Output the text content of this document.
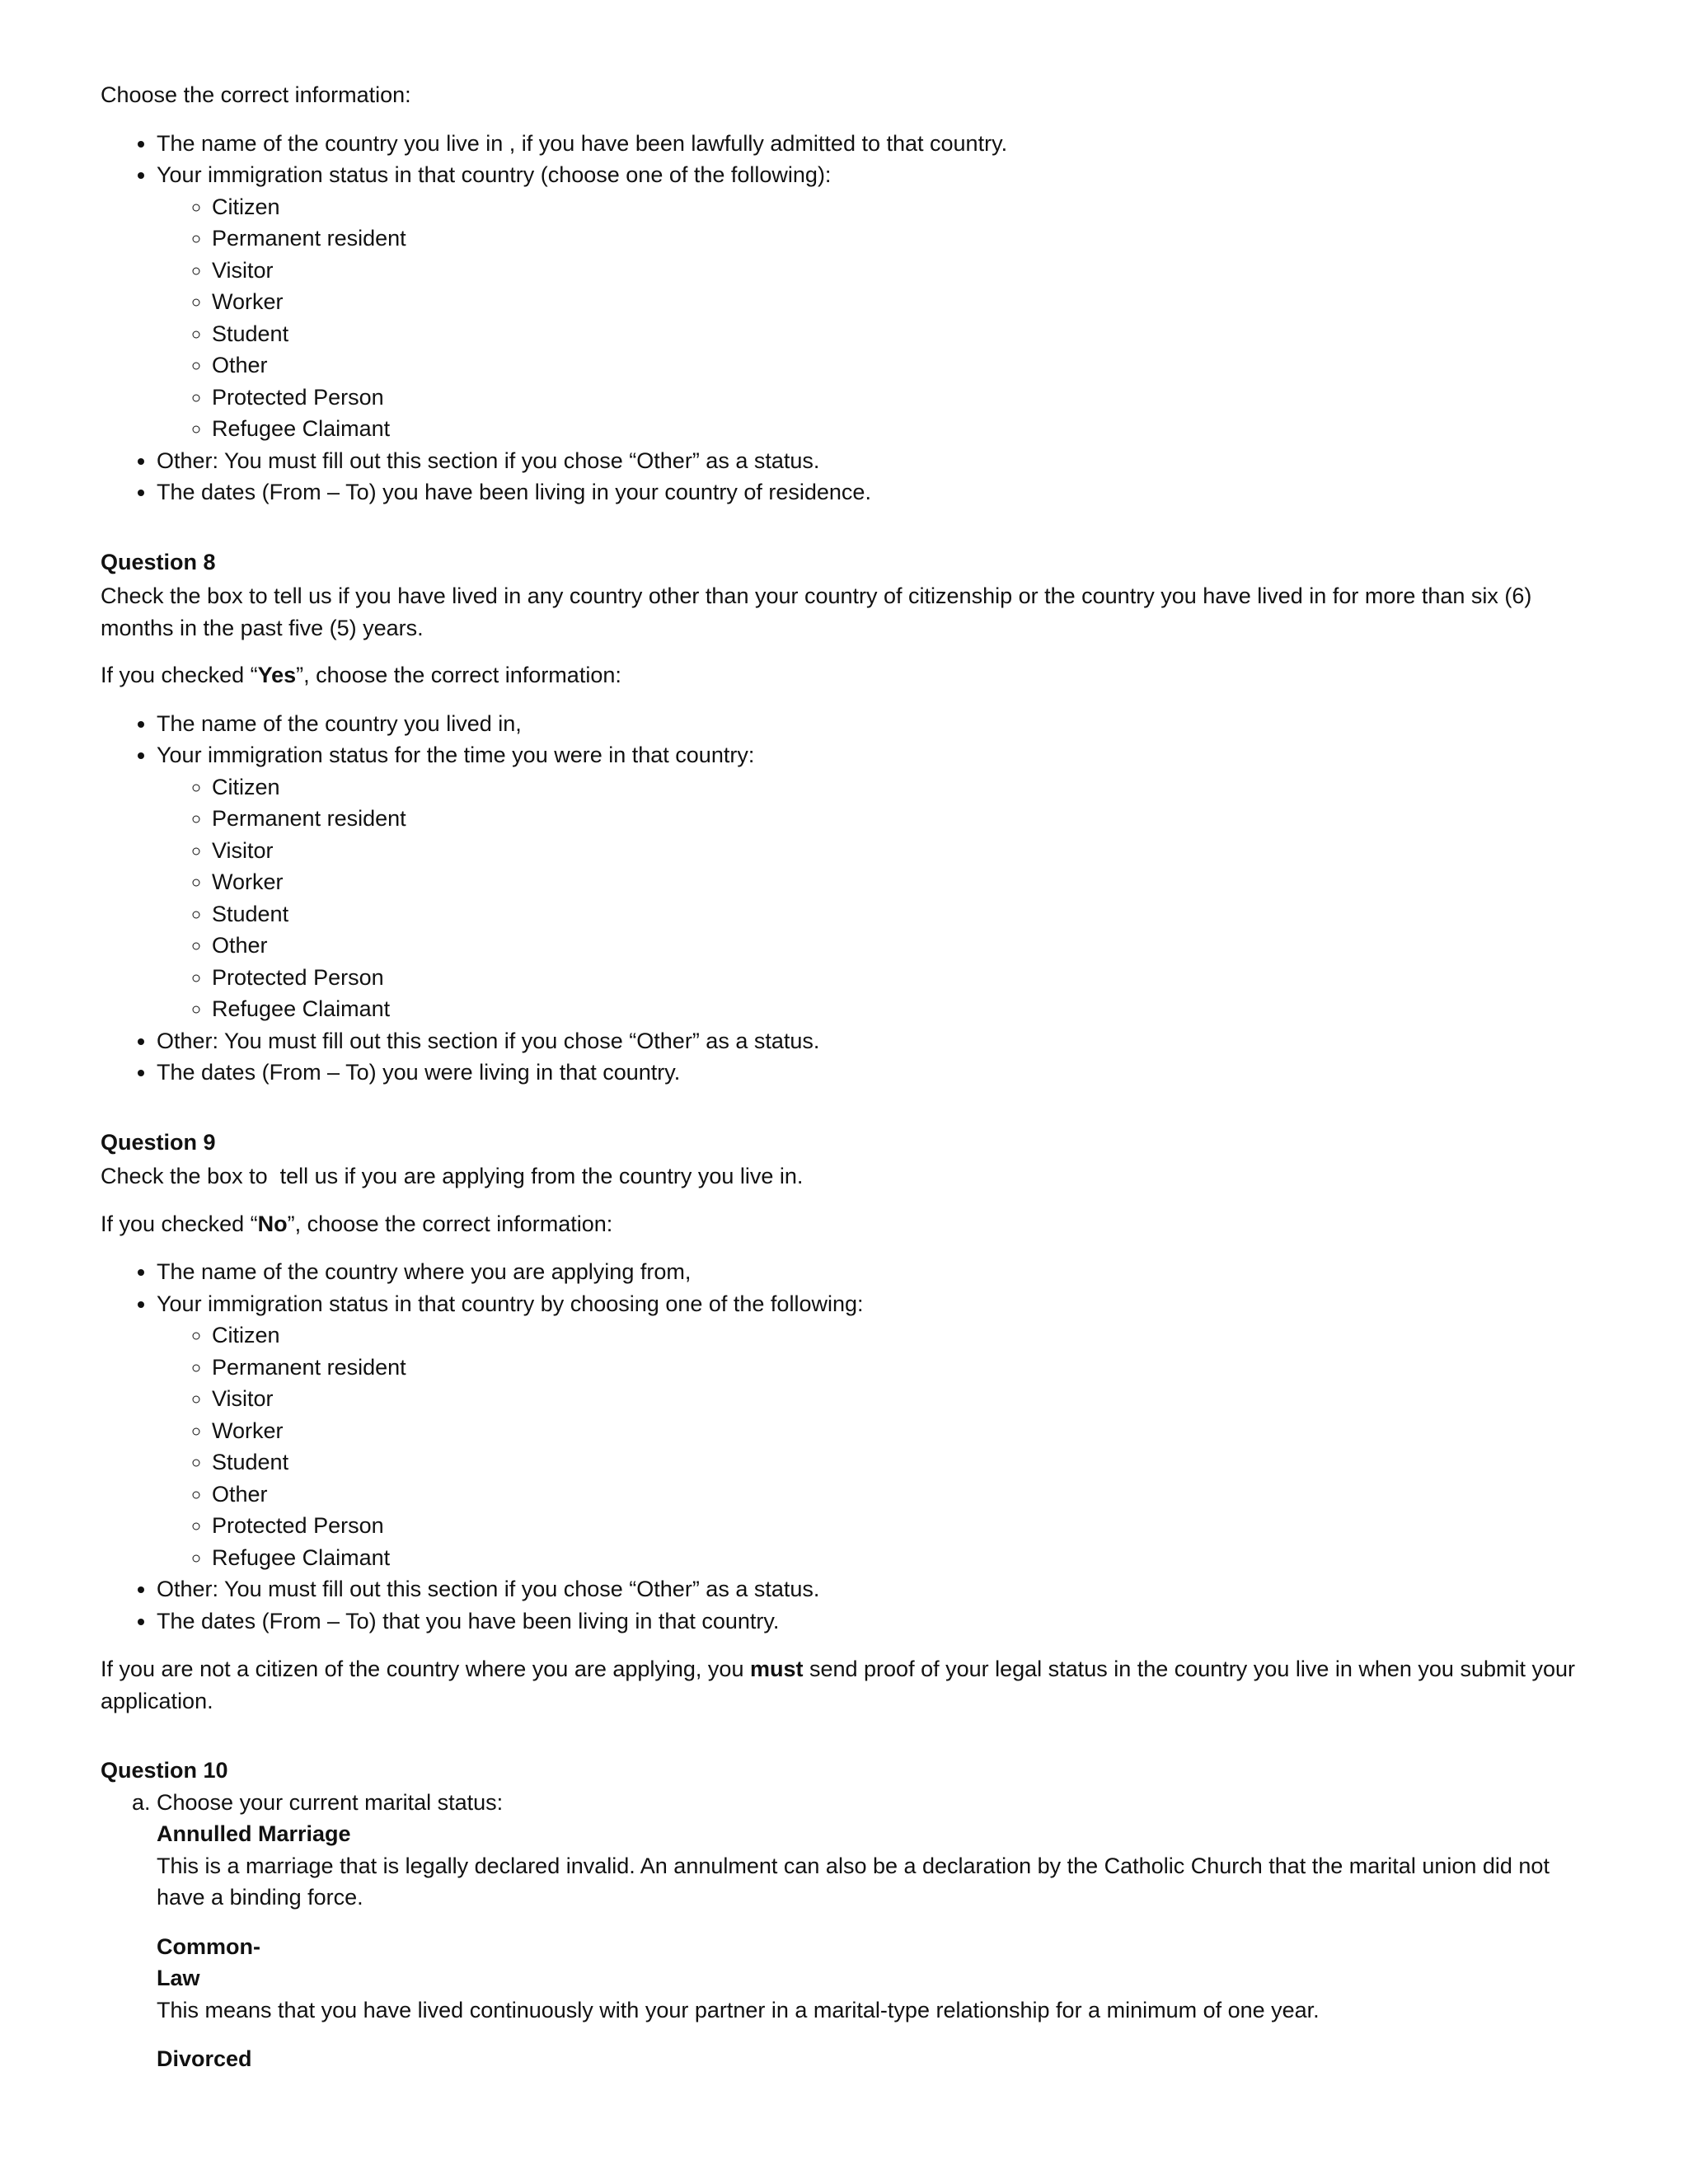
Choose the correct information:

• The name of the country you live in , if you have been lawfully admitted to that country.
• Your immigration status in that country (choose one of the following):
◦ Citizen
◦ Permanent resident
◦ Visitor
◦ Worker
◦ Student
◦ Other
◦ Protected Person
◦ Refugee Claimant
• Other: You must fill out this section if you chose “Other” as a status.
• The dates (From – To) you have been living in your country of residence.

Question 8

Check the box to tell us if you have lived in any country other than your country of citizenship or the country you have lived in for more than six (6) months in the past five (5) years.

If you checked “Yes”, choose the correct information:

• The name of the country you lived in,
• Your immigration status for the time you were in that country:
◦ Citizen
◦ Permanent resident
◦ Visitor
◦ Worker
◦ Student
◦ Other
◦ Protected Person
◦ Refugee Claimant
• Other: You must fill out this section if you chose “Other” as a status.
• The dates (From – To) you were living in that country.

Question 9

Check the box to  tell us if you are applying from the country you live in.

If you checked “No”, choose the correct information:

• The name of the country where you are applying from,
• Your immigration status in that country by choosing one of the following:
◦ Citizen
◦ Permanent resident
◦ Visitor
◦ Worker
◦ Student
◦ Other
◦ Protected Person
◦ Refugee Claimant
• Other: You must fill out this section if you chose “Other” as a status.
• The dates (From – To) that you have been living in that country.

If you are not a citizen of the country where you are applying, you must send proof of your legal status in the country you live in when you submit your application.

Question 10

a. Choose your current marital status:
Annulled Marriage
This is a marriage that is legally declared invalid. An annulment can also be a declaration by the Catholic Church that the marital union did not have a binding force.
Common-Law
This means that you have lived continuously with your partner in a marital-type relationship for a minimum of one year.
Divorced
